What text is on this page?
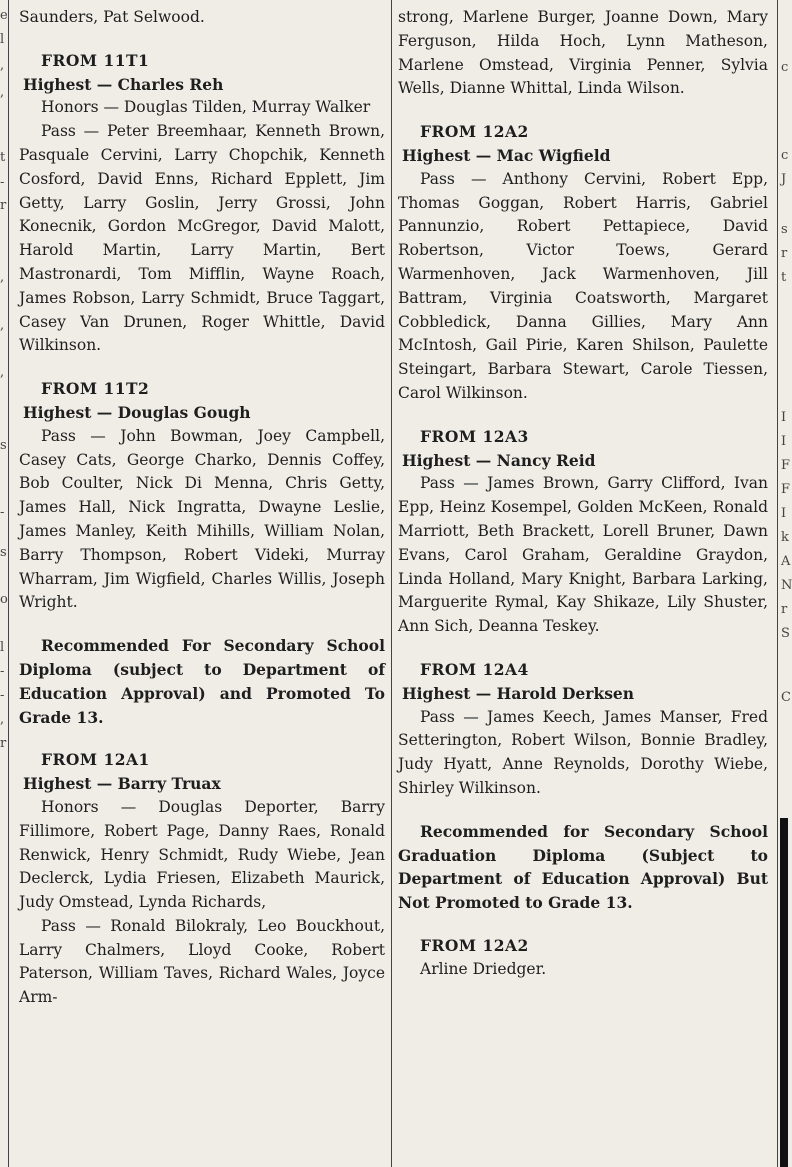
e
l
,
,
t
-
r
,
,
,
s
-
s
o
l
-
-
,
r
c
c
J
s
r
t
I
I
F
F
I
k
A
N
r
S
C
Saunders, Pat Selwood.
FROM 11T1
Highest — Charles Reh
Honors — Douglas Tilden, Murray Walker
Pass — Peter Breemhaar, Kenneth Brown, Pasquale Cervini, Larry Chopchik, Kenneth Cosford, David Enns, Richard Epplett, Jim Getty, Larry Goslin, Jerry Grossi, John Konecnik, Gordon McGregor, David Malott, Harold Martin, Larry Martin, Bert Mastronardi, Tom Mifflin, Wayne Roach, James Robson, Larry Schmidt, Bruce Taggart, Casey Van Drunen, Roger Whittle, David Wilkinson.
FROM 11T2
Highest — Douglas Gough
Pass — John Bowman, Joey Campbell, Casey Cats, George Charko, Dennis Coffey, Bob Coulter, Nick Di Menna, Chris Getty, James Hall, Nick Ingratta, Dwayne Leslie, James Manley, Keith Mihills, William Nolan, Barry Thompson, Robert Videki, Murray Wharram, Jim Wigfield, Charles Willis, Joseph Wright.
Recommended For Secondary School Diploma (subject to Department of Education Approval) and Promoted To Grade 13.
FROM 12A1
Highest — Barry Truax
Honors — Douglas Deporter, Barry Fillimore, Robert Page, Danny Raes, Ronald Renwick, Henry Schmidt, Rudy Wiebe, Jean Declerck, Lydia Friesen, Elizabeth Maurick, Judy Omstead, Lynda Richards,
Pass — Ronald Bilokraly, Leo Bouckhout, Larry Chalmers, Lloyd Cooke, Robert Paterson, William Taves, Richard Wales, Joyce Arm-
strong, Marlene Burger, Joanne Down, Mary Ferguson, Hilda Hoch, Lynn Matheson, Marlene Omstead, Virginia Penner, Sylvia Wells, Dianne Whittal, Linda Wilson.
FROM 12A2
Highest — Mac Wigfield
Pass — Anthony Cervini, Robert Epp, Thomas Goggan, Robert Harris, Gabriel Pannunzio, Robert Pettapiece, David Robertson, Victor Toews, Gerard Warmenhoven, Jack Warmenhoven, Jill Battram, Virginia Coatsworth, Margaret Cobbledick, Danna Gillies, Mary Ann McIntosh, Gail Pirie, Karen Shilson, Paulette Steingart, Barbara Stewart, Carole Tiessen, Carol Wilkinson.
FROM 12A3
Highest — Nancy Reid
Pass — James Brown, Garry Clifford, Ivan Epp, Heinz Kosempel, Golden McKeen, Ronald Marriott, Beth Brackett, Lorell Bruner, Dawn Evans, Carol Graham, Geraldine Graydon, Linda Holland, Mary Knight, Barbara Larking, Marguerite Rymal, Kay Shikaze, Lily Shuster, Ann Sich, Deanna Teskey.
FROM 12A4
Highest — Harold Derksen
Pass — James Keech, James Manser, Fred Setterington, Robert Wilson, Bonnie Bradley, Judy Hyatt, Anne Reynolds, Dorothy Wiebe, Shirley Wilkinson.
Recommended for Secondary School Graduation Diploma (Subject to Department of Education Approval) But Not Promoted to Grade 13.
FROM 12A2
Arline Driedger.
